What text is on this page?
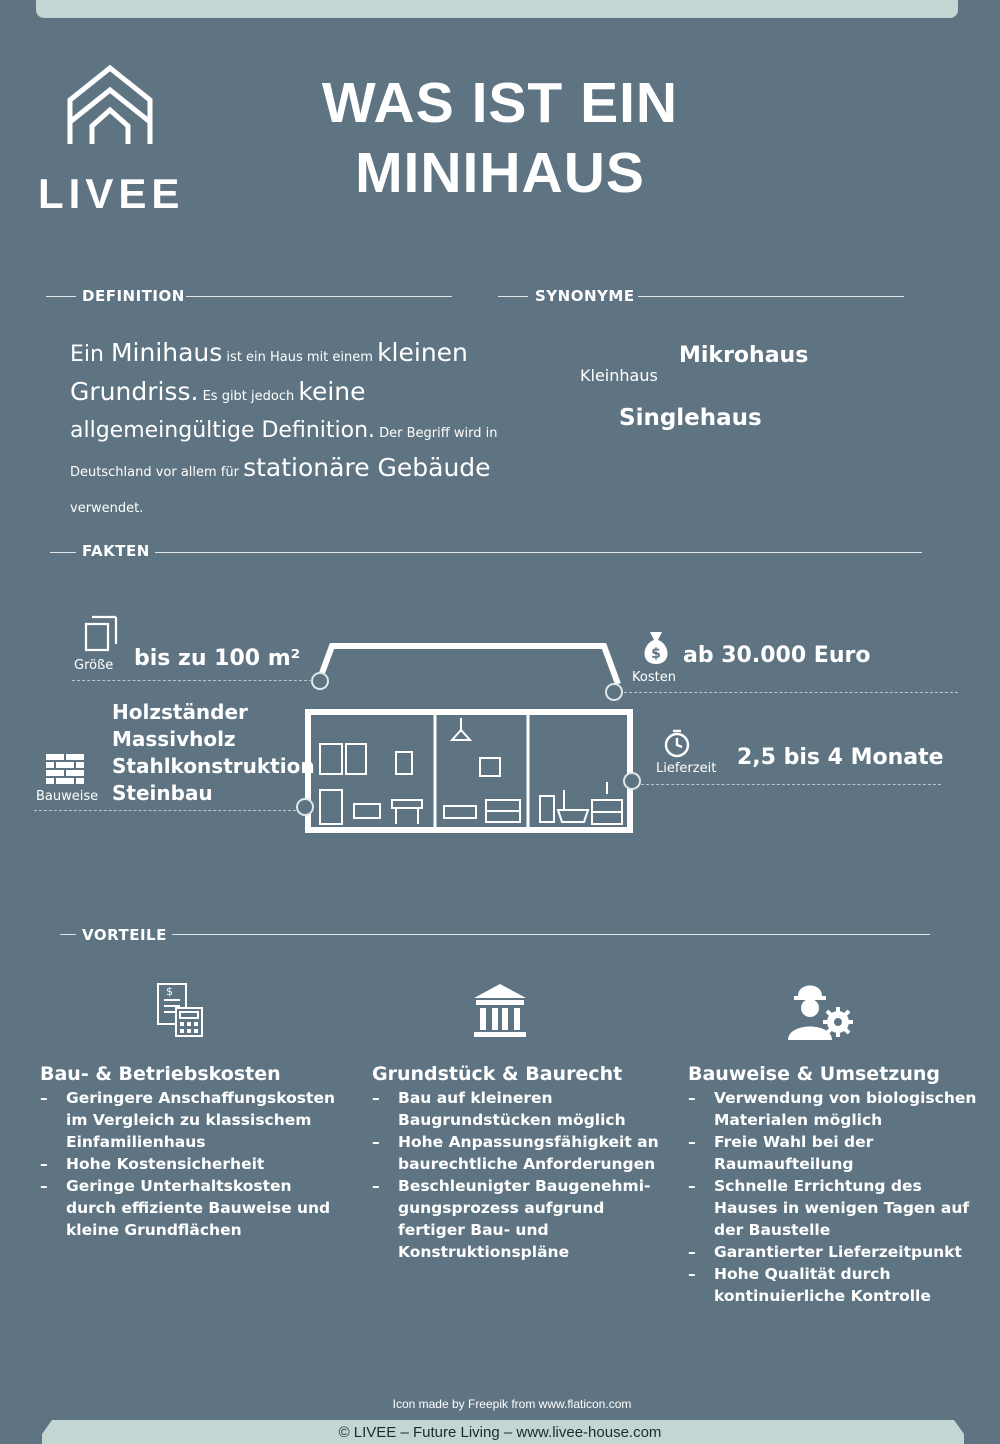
LIVEE
WAS IST EIN
MINIHAUS
DEFINITION	SYNONYME
Ein Minihaus ist ein Haus mit einem kleinen Grundriss. Es gibt jedoch keine allgemeingültige Definition. Der Begriff wird in Deutschland vor allem für stationäre Gebäude verwendet.
Mikrohaus
Kleinhaus
Singlehaus
FAKTEN
Größe bis zu 100 m²	$
Kosten
ab 30.000 Euro
Lieferzeit 2,5 bis 4 Monate
Bauweise
Holzständer
Massivholz
Stahlkonstruktion
Steinbau
VORTEILE
$
Bau- & Betriebskosten
– Geringere Anschaffungskosten im Vergleich zu klassischem Einfamilienhaus
– Hohe Kostensicherheit
– Geringe Unterhaltskosten durch effiziente Bauweise und kleine Grundflächen
Grundstück & Baurecht
– Bau auf kleineren Baugrundstücken möglich
– Hohe Anpassungsfähigkeit an baurechtliche Anforderungen
– Beschleunigter Baugenehmi-gungsprozess aufgrund fertiger Bau- und Konstruktionspläne
Bauweise & Umsetzung
– Verwendung von biologischen Materialen möglich
– Freie Wahl bei der Raumaufteilung
– Schnelle Errichtung des Hauses in wenigen Tagen auf der Baustelle
– Garantierter Lieferzeitpunkt
– Hohe Qualität durch kontinuierliche Kontrolle
Icon made by Freepik from www.flaticon.com
© LIVEE – Future Living – www.livee-house.com
